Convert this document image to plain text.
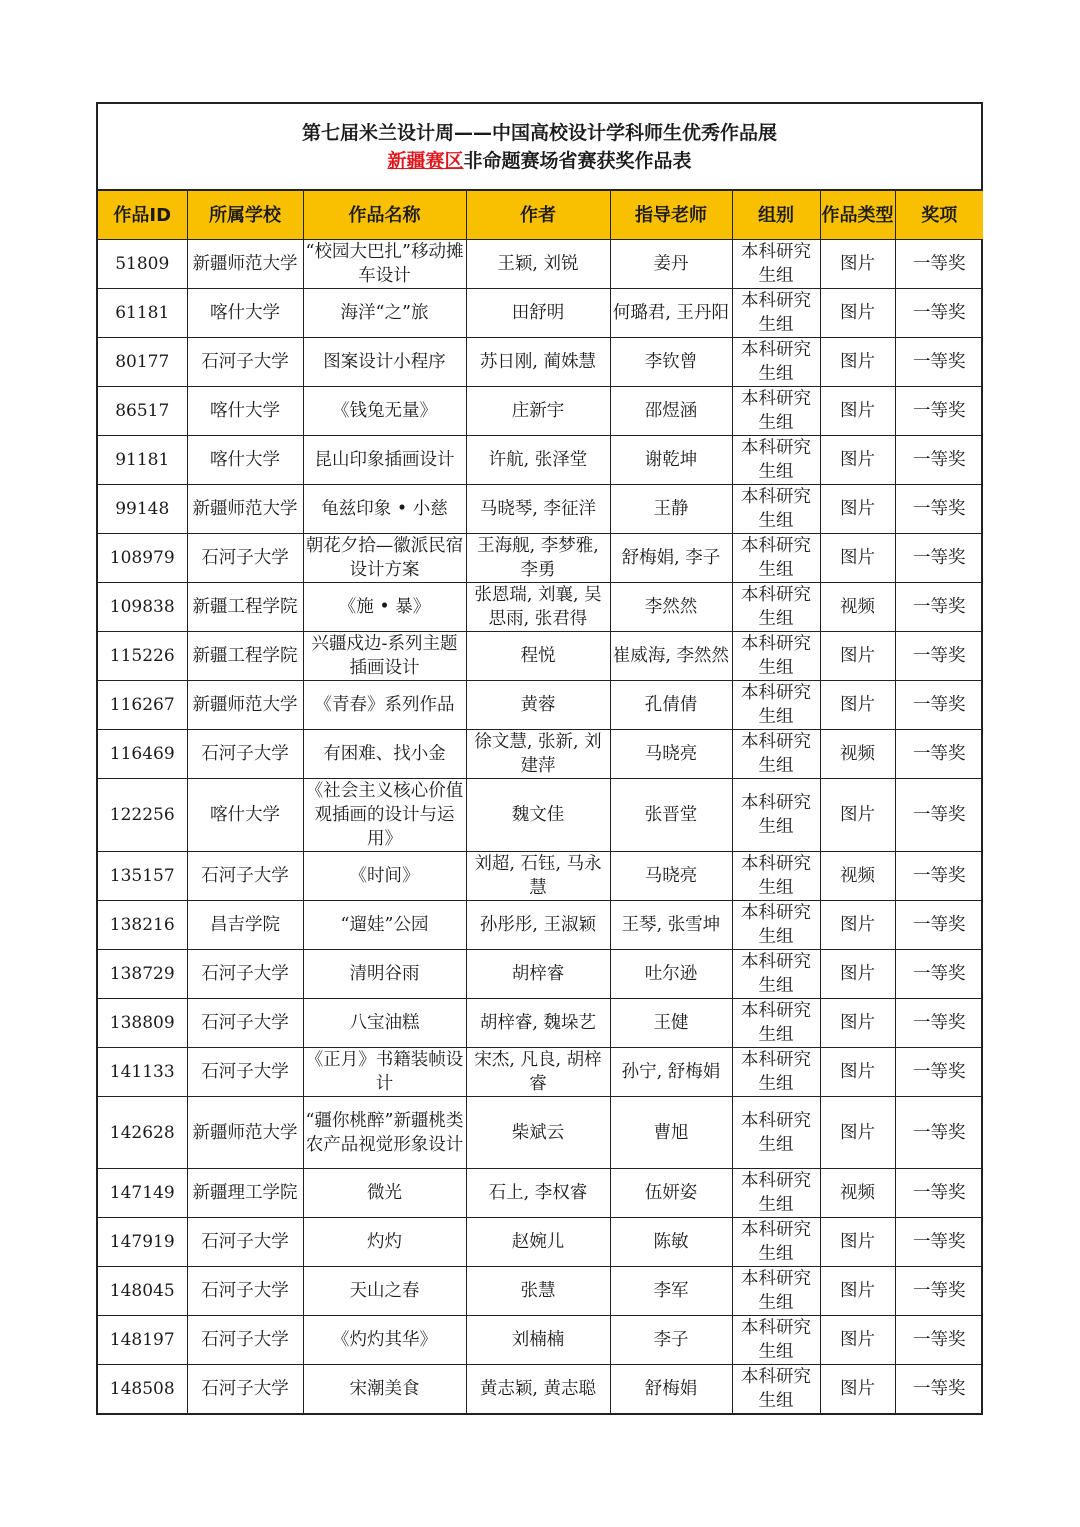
第七届米兰设计周——中国高校设计学科师生优秀作品展
新疆赛区非命题赛场省赛获奖作品表
作品ID	所属学校	作品名称	作者	指导老师	组别	作品类型	奖项
51809	新疆师范大学	“校园大巴扎”移动摊车设计	王颖, 刘锐	姜丹	本科研究生组	图片	一等奖
61181	喀什大学	海洋“之”旅	田舒明	何璐君, 王丹阳	本科研究生组	图片	一等奖
80177	石河子大学	图案设计小程序	苏日刚, 蔺姝慧	李钦曾	本科研究生组	图片	一等奖
86517	喀什大学	《钱兔无量》	庄新宇	邵煜涵	本科研究生组	图片	一等奖
91181	喀什大学	昆山印象插画设计	许航, 张泽堂	谢乾坤	本科研究生组	图片	一等奖
99148	新疆师范大学	龟兹印象 • 小慈	马晓琴, 李征洋	王静	本科研究生组	图片	一等奖
108979	石河子大学	朝花夕拾—徽派民宿设计方案	王海舰, 李梦雅, 李勇	舒梅娟, 李子	本科研究生组	图片	一等奖
109838	新疆工程学院	《施 • 暴》	张恩瑞, 刘襄, 吴思雨, 张君得	李然然	本科研究生组	视频	一等奖
115226	新疆工程学院	兴疆戍边-系列主题插画设计	程悦	崔威海, 李然然	本科研究生组	图片	一等奖
116267	新疆师范大学	《青春》系列作品	黄蓉	孔倩倩	本科研究生组	图片	一等奖
116469	石河子大学	有困难、找小金	徐文慧, 张新, 刘建萍	马晓亮	本科研究生组	视频	一等奖
122256	喀什大学	《社会主义核心价值观插画的设计与运用》	魏文佳	张晋堂	本科研究生组	图片	一等奖
135157	石河子大学	《时间》	刘超, 石钰, 马永慧	马晓亮	本科研究生组	视频	一等奖
138216	昌吉学院	“遛娃”公园	孙彤彤, 王淑颖	王琴, 张雪坤	本科研究生组	图片	一等奖
138729	石河子大学	清明谷雨	胡梓睿	吐尔逊	本科研究生组	图片	一等奖
138809	石河子大学	八宝油糕	胡梓睿, 魏垛艺	王健	本科研究生组	图片	一等奖
141133	石河子大学	《正月》书籍装帧设计	宋杰, 凡良, 胡梓睿	孙宁, 舒梅娟	本科研究生组	图片	一等奖
142628	新疆师范大学	“疆你桃醉”新疆桃类农产品视觉形象设计	柴斌云	曹旭	本科研究生组	图片	一等奖
147149	新疆理工学院	微光	石上, 李权睿	伍妍姿	本科研究生组	视频	一等奖
147919	石河子大学	灼灼	赵婉儿	陈敏	本科研究生组	图片	一等奖
148045	石河子大学	天山之春	张慧	李军	本科研究生组	图片	一等奖
148197	石河子大学	《灼灼其华》	刘楠楠	李子	本科研究生组	图片	一等奖
148508	石河子大学	宋潮美食	黄志颖, 黄志聪	舒梅娟	本科研究生组	图片	一等奖
